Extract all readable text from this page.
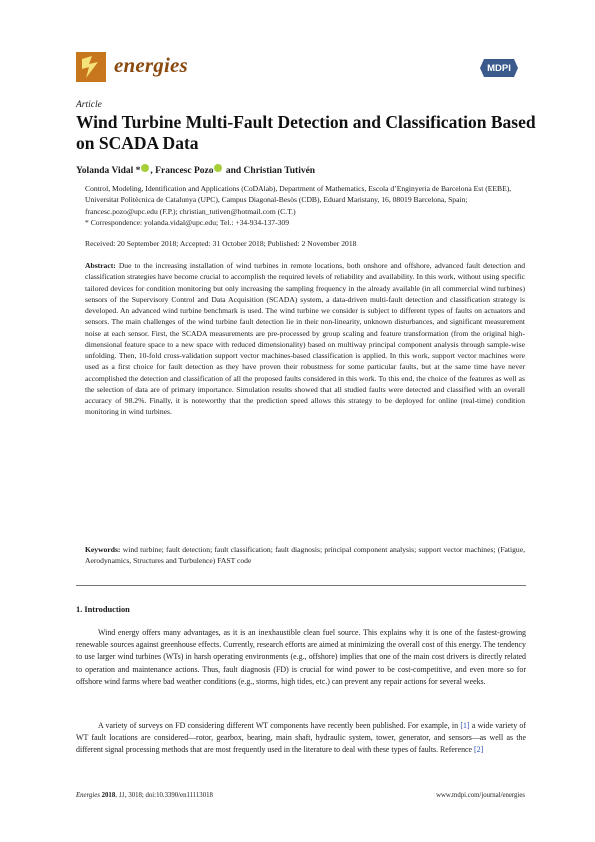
energies	MDPI
Article
Wind Turbine Multi-Fault Detection and Classification Based on SCADA Data
Yolanda Vidal * , Francesc Pozo and Christian Tutivén

Control, Modeling, Identification and Applications (CoDAlab), Department of Mathematics, Escola d’Enginyeria de Barcelona Est (EEBE), Universitat Politècnica de Catalunya (UPC), Campus Diagonal-Besòs (CDB), Eduard Maristany, 16, 08019 Barcelona, Spain; francesc.pozo@upc.edu (F.P.); christian_tutiven@hotmail.com (C.T.)

* Correspondence: yolanda.vidal@upc.edu; Tel.: +34-934-137-309

Received: 20 September 2018; Accepted: 31 October 2018; Published: 2 November 2018
Abstract: Due to the increasing installation of wind turbines in remote locations, both onshore and offshore, advanced fault detection and classification strategies have become crucial to accomplish the required levels of reliability and availability. In this work, without using specific tailored devices for condition monitoring but only increasing the sampling frequency in the already available (in all commercial wind turbines) sensors of the Supervisory Control and Data Acquisition (SCADA) system, a data-driven multi-fault detection and classification strategy is developed. An advanced wind turbine benchmark is used. The wind turbine we consider is subject to different types of faults on actuators and sensors. The main challenges of the wind turbine fault detection lie in their non-linearity, unknown disturbances, and significant measurement noise at each sensor. First, the SCADA measurements are pre-processed by group scaling and feature transformation (from the original high-dimensional feature space to a new space with reduced dimensionality) based on multiway principal component analysis through sample-wise unfolding. Then, 10-fold cross-validation support vector machines-based classification is applied. In this work, support vector machines were used as a first choice for fault detection as they have proven their robustness for some particular faults, but at the same time have never accomplished the detection and classification of all the proposed faults considered in this work. To this end, the choice of the features as well as the selection of data are of primary importance. Simulation results showed that all studied faults were detected and classified with an overall accuracy of 98.2%. Finally, it is noteworthy that the prediction speed allows this strategy to be deployed for online (real-time) condition monitoring in wind turbines.
Keywords: wind turbine; fault detection; fault classification; fault diagnosis; principal component analysis; support vector machines; (Fatigue, Aerodynamics, Structures and Turbulence) FAST code
1. Introduction
Wind energy offers many advantages, as it is an inexhaustible clean fuel source. This explains why it is one of the fastest-growing renewable sources against greenhouse effects. Currently, research efforts are aimed at minimizing the overall cost of this energy. The tendency to use larger wind turbines (WTs) in harsh operating environments (e.g., offshore) implies that one of the main cost drivers is directly related to operation and maintenance actions. Thus, fault diagnosis (FD) is crucial for wind power to be cost-competitive, and even more so for offshore wind farms where bad weather conditions (e.g., storms, high tides, etc.) can prevent any repair actions for several weeks.
A variety of surveys on FD considering different WT components have recently been published. For example, in [1] a wide variety of WT fault locations are considered—rotor, gearbox, bearing, main shaft, hydraulic system, tower, generator, and sensors—as well as the different signal processing methods that are most frequently used in the literature to deal with these types of faults. Reference [2]
Energies 2018, 11, 3018; doi:10.3390/en11113018	www.mdpi.com/journal/energies
